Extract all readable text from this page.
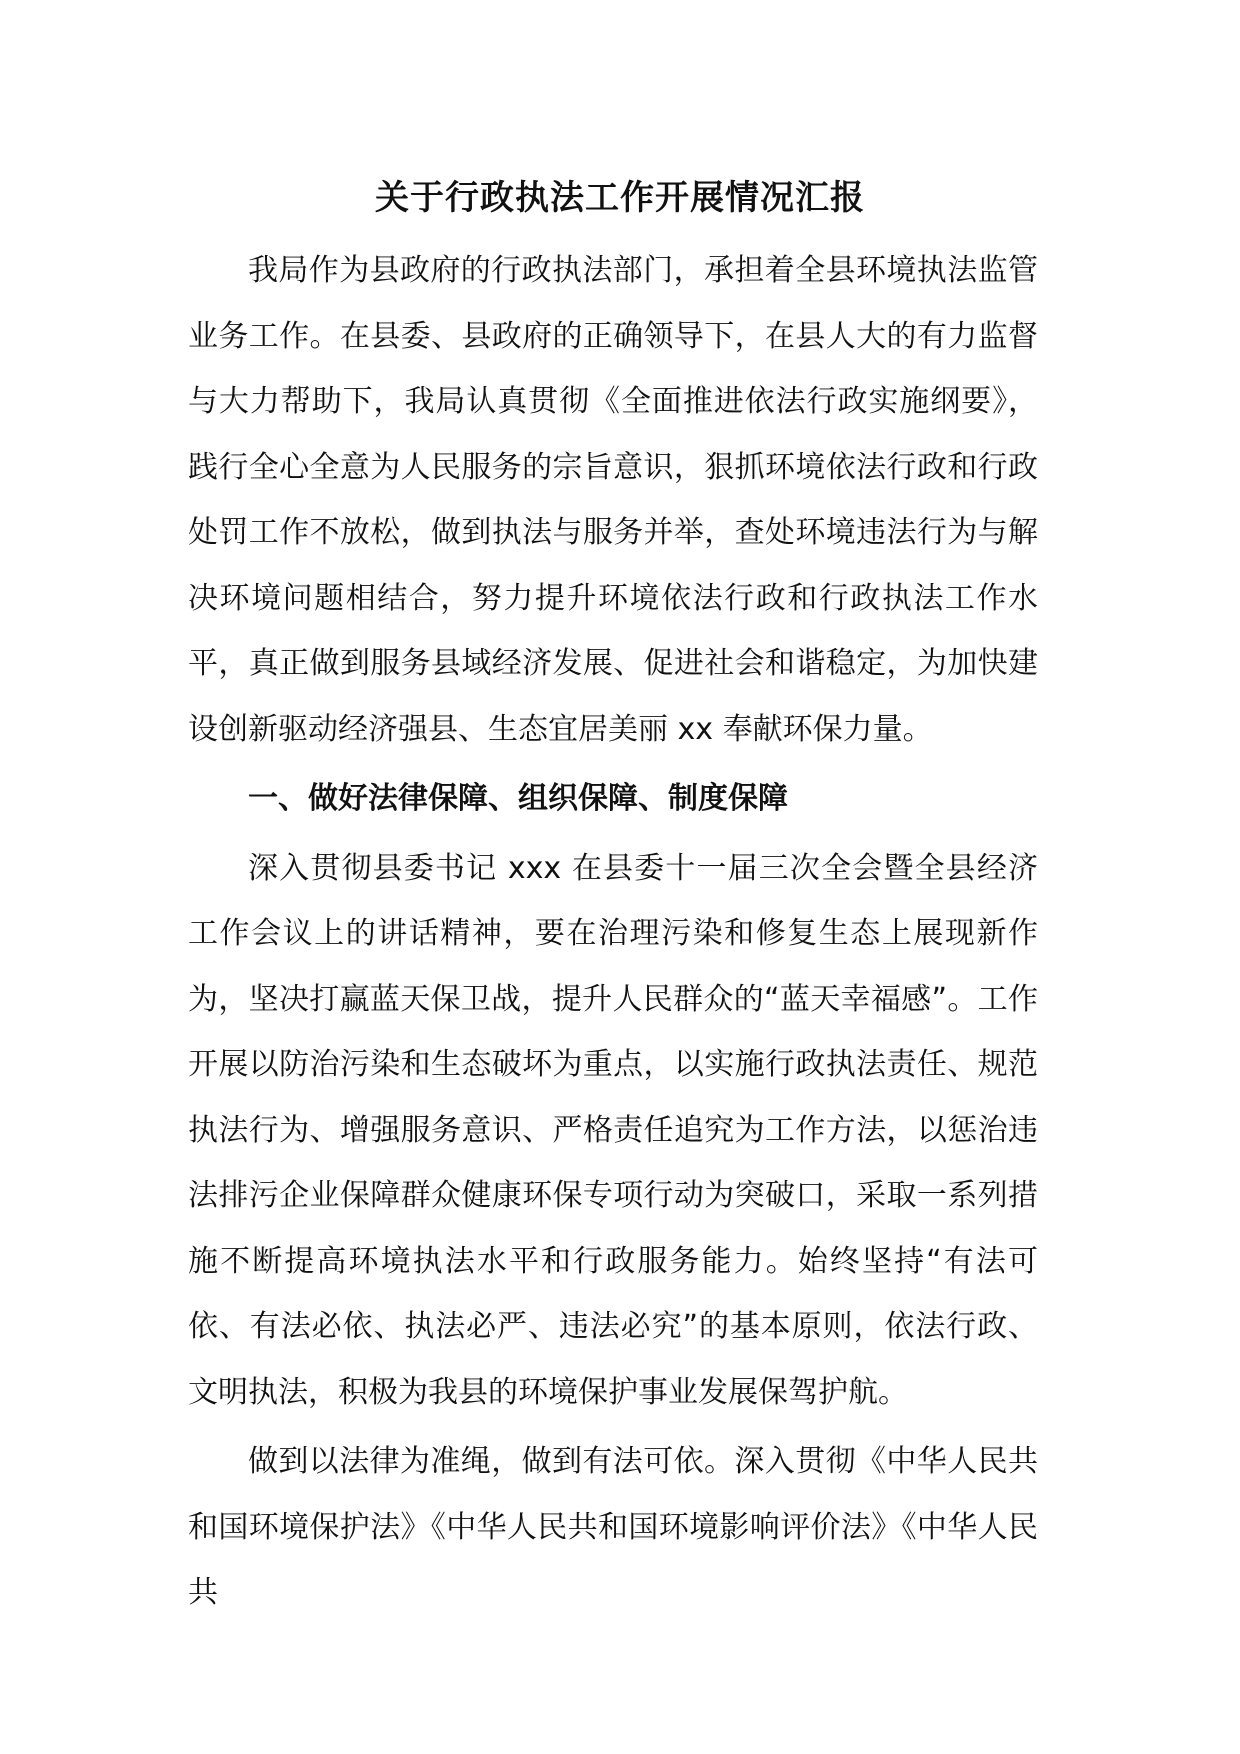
关于行政执法工作开展情况汇报

我局作为县政府的行政执法部门，承担着全县环境执法监管业务工作。在县委、县政府的正确领导下，在县人大的有力监督与大力帮助下，我局认真贯彻《全面推进依法行政实施纲要》，践行全心全意为人民服务的宗旨意识，狠抓环境依法行政和行政处罚工作不放松，做到执法与服务并举，查处环境违法行为与解决环境问题相结合，努力提升环境依法行政和行政执法工作水平，真正做到服务县域经济发展、促进社会和谐稳定，为加快建设创新驱动经济强县、生态宜居美丽 xx 奉献环保力量。

一、做好法律保障、组织保障、制度保障

深入贯彻县委书记 xxx 在县委十一届三次全会暨全县经济工作会议上的讲话精神，要在治理污染和修复生态上展现新作为，坚决打赢蓝天保卫战，提升人民群众的“蓝天幸福感”。工作开展以防治污染和生态破坏为重点，以实施行政执法责任、规范执法行为、增强服务意识、严格责任追究为工作方法，以惩治违法排污企业保障群众健康环保专项行动为突破口，采取一系列措施不断提高环境执法水平和行政服务能力。始终坚持“有法可依、有法必依、执法必严、违法必究”的基本原则，依法行政、文明执法，积极为我县的环境保护事业发展保驾护航。

做到以法律为准绳，做到有法可依。深入贯彻《中华人民共和国环境保护法》《中华人民共和国环境影响评价法》《中华人民共
